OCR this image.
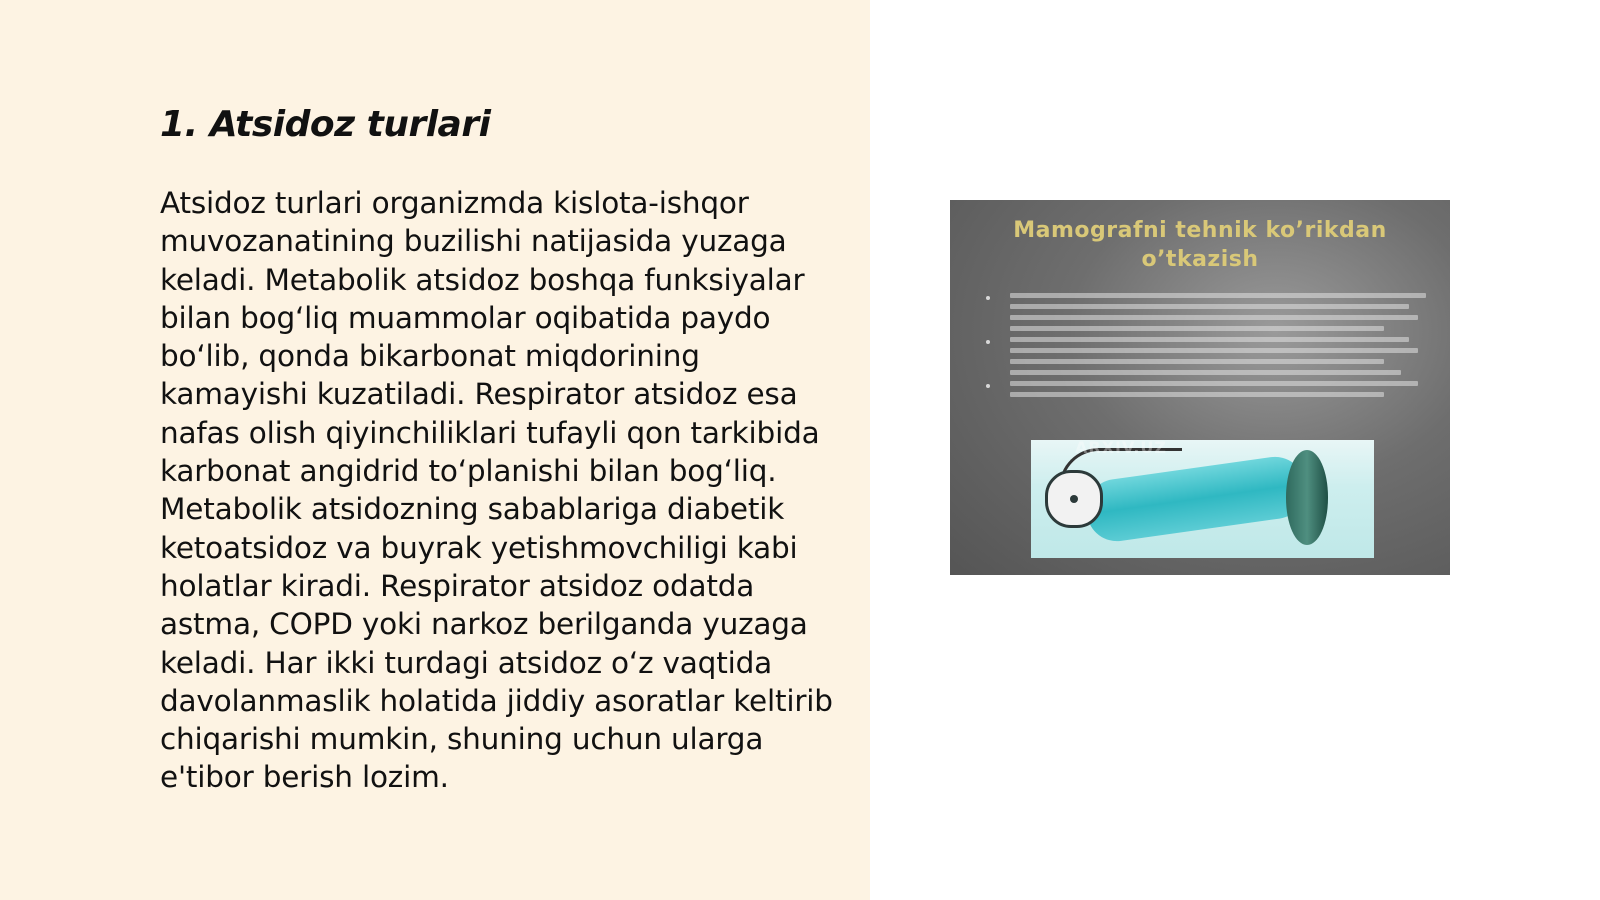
1. Atsidoz turlari

Atsidoz turlari organizmda kislota-ishqor muvozanatining buzilishi natijasida yuzaga keladi. Metabolik atsidoz boshqa funksiyalar bilan bog‘liq muammolar oqibatida paydo bo‘lib, qonda bikarbonat miqdorining kamayishi kuzatiladi. Respirator atsidoz esa nafas olish qiyinchiliklari tufayli qon tarkibida karbonat angidrid to‘planishi bilan bog‘liq. Metabolik atsidozning sabablariga diabetik ketoatsidoz va buyrak yetishmovchiligi kabi holatlar kiradi. Respirator atsidoz odatda astma, COPD yoki narkoz berilganda yuzaga keladi. Har ikki turdagi atsidoz o‘z vaqtida davolanmaslik holatida jiddiy asoratlar keltirib chiqarishi mumkin, shuning uchun ularga e'tibor berish lozim.

Mamografni tehnik ko’rikdan
o’tkazish
ARXIV.UZ
